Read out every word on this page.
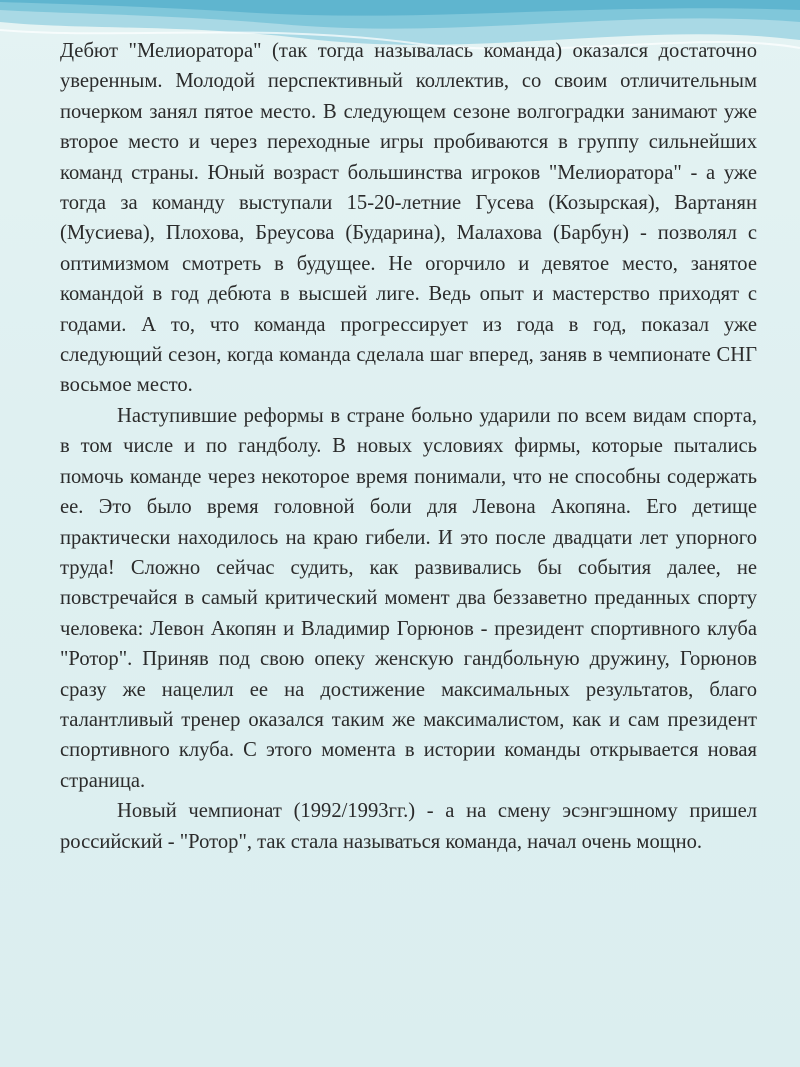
Дебют "Мелиоратора" (так тогда называлась команда) оказался достаточно уверенным. Молодой перспективный коллектив, со своим отличительным почерком занял пятое место. В следующем сезоне волгоградки занимают уже второе место и через переходные игры пробиваются в группу сильнейших команд страны. Юный возраст большинства игроков "Мелиоратора" - а уже тогда за команду выступали 15-20-летние Гусева (Козырская), Вартанян (Мусиева), Плохова, Бреусова (Бударина), Малахова (Барбун) - позволял с оптимизмом смотреть в будущее. Не огорчило и девятое место, занятое командой в год дебюта в высшей лиге. Ведь опыт и мастерство приходят с годами. А то, что команда прогрессирует из года в год, показал уже следующий сезон, когда команда сделала шаг вперед, заняв в чемпионате СНГ восьмое место.

Наступившие реформы в стране больно ударили по всем видам спорта, в том числе и по гандболу. В новых условиях фирмы, которые пытались помочь команде через некоторое время понимали, что не способны содержать ее. Это было время головной боли для Левона Акопяна. Его детище практически находилось на краю гибели. И это после двадцати лет упорного труда! Сложно сейчас судить, как развивались бы события далее, не повстречайся в самый критический момент два беззаветно преданных спорту человека: Левон Акопян и Владимир Горюнов - президент спортивного клуба "Ротор". Приняв под свою опеку женскую гандбольную дружину, Горюнов сразу же нацелил ее на достижение максимальных результатов, благо талантливый тренер оказался таким же максималистом, как и сам президент спортивного клуба. С этого момента в истории команды открывается новая страница.

Новый чемпионат (1992/1993гг.) - а на смену эсэнгэшному пришел российский - "Ротор", так стала называться команда, начал очень мощно.
